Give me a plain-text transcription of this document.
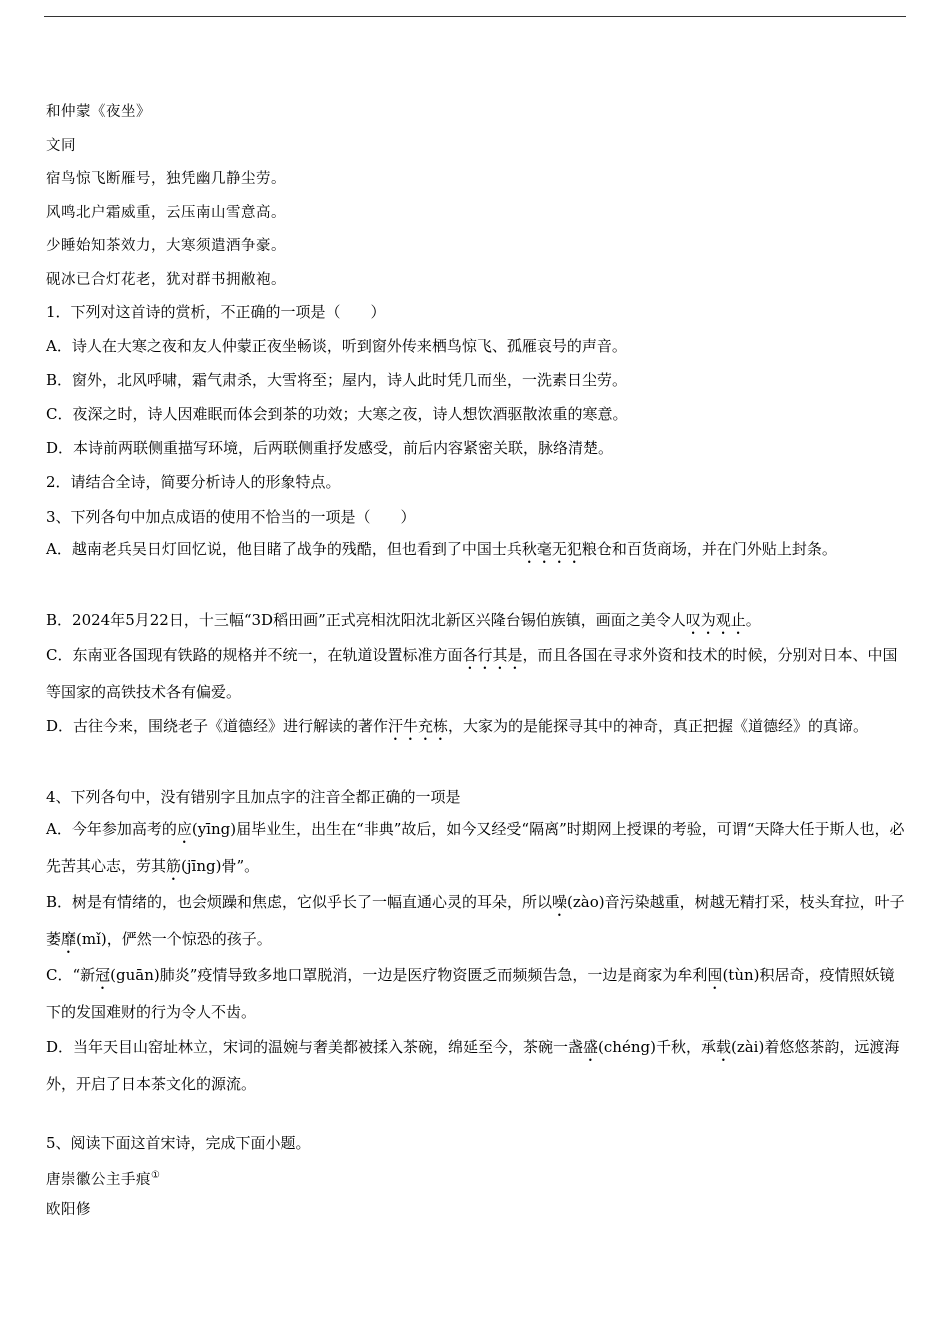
和仲蒙《夜坐》
文同
宿鸟惊飞断雁号，独凭幽几静尘劳。
风鸣北户霜威重，云压南山雪意高。
少睡始知茶效力，大寒须遣酒争豪。
砚冰已合灯花老，犹对群书拥敝袍。
1．下列对这首诗的赏析，不正确的一项是（　　）
A．诗人在大寒之夜和友人仲蒙正夜坐畅谈，听到窗外传来栖鸟惊飞、孤雁哀号的声音。
B．窗外，北风呼啸，霜气肃杀，大雪将至；屋内，诗人此时凭几而坐，一洗素日尘劳。
C．夜深之时，诗人因难眠而体会到茶的功效；大寒之夜，诗人想饮酒驱散浓重的寒意。
D．本诗前两联侧重描写环境，后两联侧重抒发感受，前后内容紧密关联，脉络清楚。
2．请结合全诗，简要分析诗人的形象特点。
3、下列各句中加点成语的使用不恰当的一项是（　　）
A．越南老兵吴日灯回忆说，他目睹了战争的残酷，但也看到了中国士兵秋毫无犯粮仓和百货商场，并在门外贴上封条。
B．2024年5月22日，十三幅“3D稻田画”正式亮相沈阳沈北新区兴隆台锡伯族镇，画面之美令人叹为观止。
C．东南亚各国现有铁路的规格并不统一，在轨道设置标准方面各行其是，而且各国在寻求外资和技术的时候，分别对日本、中国等国家的高铁技术各有偏爱。
D．古往今来，围绕老子《道德经》进行解读的著作汗牛充栋，大家为的是能探寻其中的神奇，真正把握《道德经》的真谛。
4、下列各句中，没有错别字且加点字的注音全都正确的一项是
A．今年参加高考的应(yīng)届毕业生，出生在“非典”故后，如今又经受“隔离”时期网上授课的考验，可谓“天降大任于斯人也，必先苦其心志，劳其筋(jīng)骨”。
B．树是有情绪的，也会烦躁和焦虑，它似乎长了一幅直通心灵的耳朵，所以噪(zào)音污染越重，树越无精打采，枝头耷拉，叶子萎靡(mǐ)，俨然一个惊恐的孩子。
C．“新冠(guān)肺炎”疫情导致多地口罩脱消，一边是医疗物资匮乏而频频告急，一边是商家为牟利囤(tùn)积居奇，疫情照妖镜下的发国难财的行为令人不齿。
D．当年天目山窑址林立，宋词的温婉与奢美都被揉入茶碗，绵延至今，茶碗一盏盛(chéng)千秋，承载(zài)着悠悠茶韵，远渡海外，开启了日本茶文化的源流。
5、阅读下面这首宋诗，完成下面小题。
唐崇徽公主手痕①
欧阳修
